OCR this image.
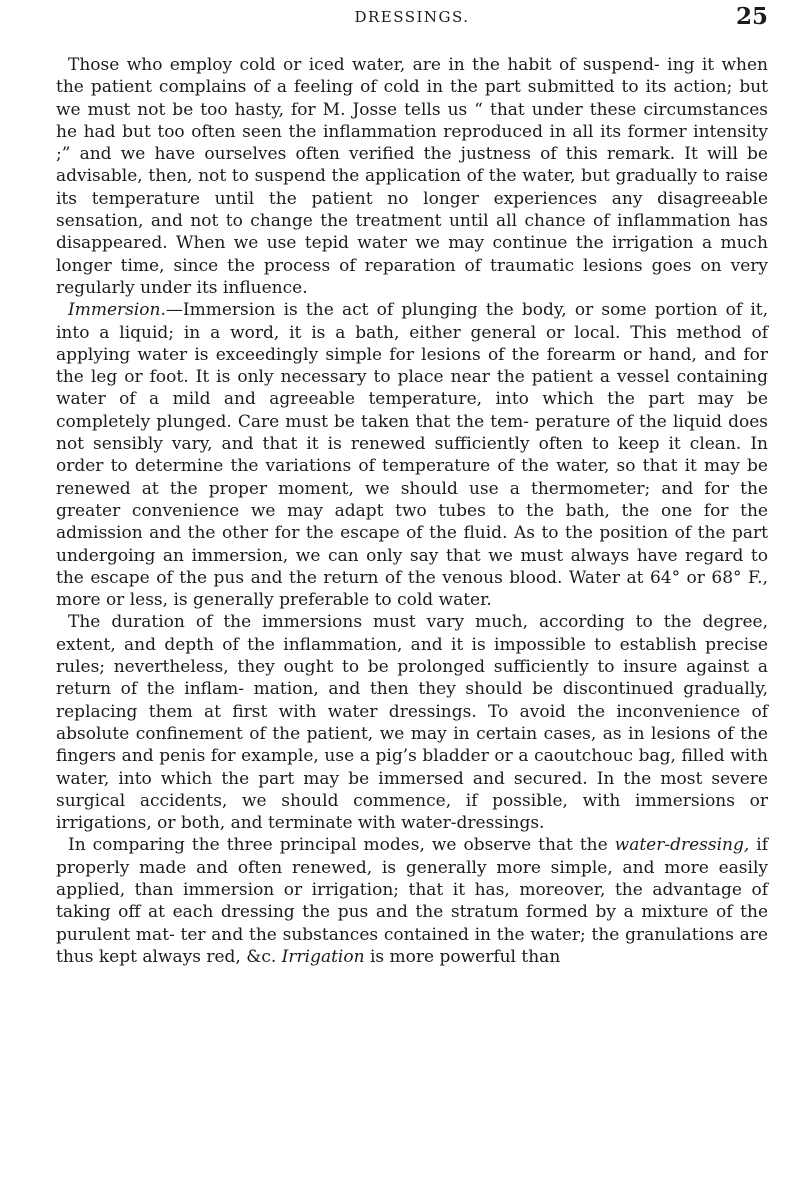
DRESSINGS.	25

Those who employ cold or iced water, are in the habit of suspend- ing it when the patient complains of a feeling of cold in the part submitted to its action; but we must not be too hasty, for M. Josse tells us “ that under these circumstances he had but too often seen the inflammation reproduced in all its former intensity ;” and we have ourselves often verified the justness of this remark. It will be advisable, then, not to suspend the application of the water, but gradually to raise its temperature until the patient no longer experiences any disagreeable sensation, and not to change the treatment until all chance of inflammation has disappeared. When we use tepid water we may continue the irrigation a much longer time, since the process of reparation of traumatic lesions goes on very regularly under its influence.

Immersion.—Immersion is the act of plunging the body, or some portion of it, into a liquid; in a word, it is a bath, either general or local. This method of applying water is exceedingly simple for lesions of the forearm or hand, and for the leg or foot. It is only necessary to place near the patient a vessel containing water of a mild and agreeable temperature, into which the part may be completely plunged. Care must be taken that the tem- perature of the liquid does not sensibly vary, and that it is renewed sufficiently often to keep it clean. In order to determine the variations of temperature of the water, so that it may be renewed at the proper moment, we should use a thermometer; and for the greater convenience we may adapt two tubes to the bath, the one for the admission and the other for the escape of the fluid. As to the position of the part undergoing an immersion, we can only say that we must always have regard to the escape of the pus and the return of the venous blood. Water at 64° or 68° F., more or less, is generally preferable to cold water.

The duration of the immersions must vary much, according to the degree, extent, and depth of the inflammation, and it is impossible to establish precise rules; nevertheless, they ought to be prolonged sufficiently to insure against a return of the inflam- mation, and then they should be discontinued gradually, replacing them at first with water dressings. To avoid the inconvenience of absolute confinement of the patient, we may in certain cases, as in lesions of the fingers and penis for example, use a pig’s bladder or a caoutchouc bag, filled with water, into which the part may be immersed and secured. In the most severe surgical accidents, we should commence, if possible, with immersions or irrigations, or both, and terminate with water-dressings.

In comparing the three principal modes, we observe that the water-dressing, if properly made and often renewed, is generally more simple, and more easily applied, than immersion or irrigation; that it has, moreover, the advantage of taking off at each dressing the pus and the stratum formed by a mixture of the purulent mat- ter and the substances contained in the water; the granulations are thus kept always red, &c. Irrigation is more powerful than
